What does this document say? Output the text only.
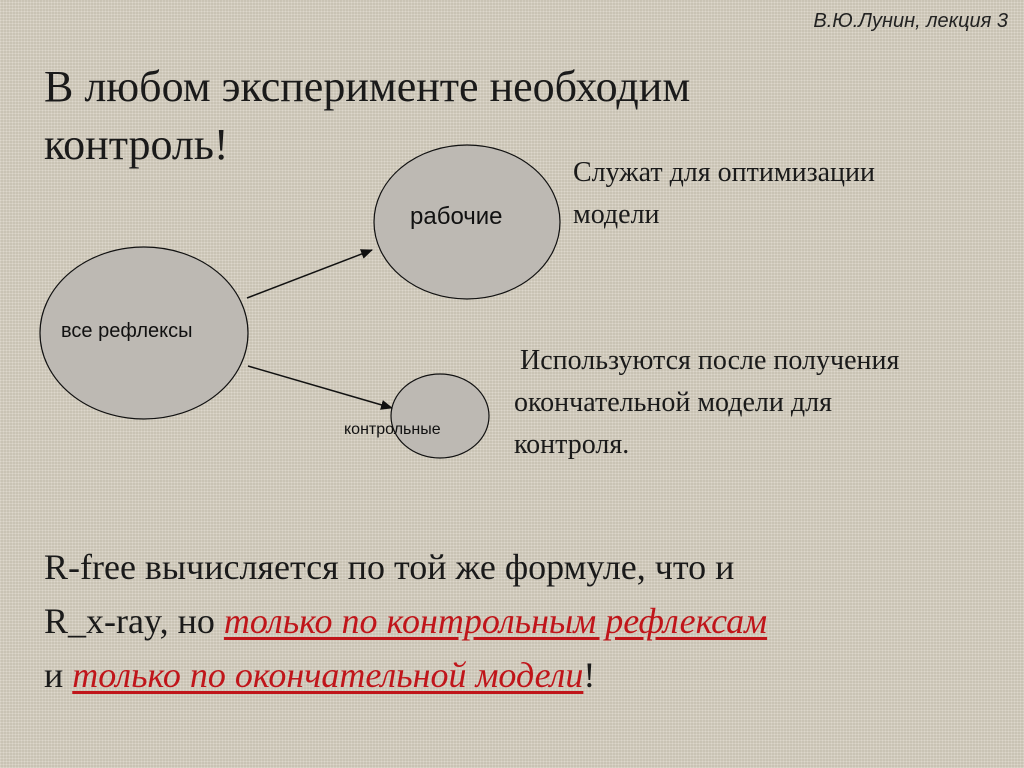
В.Ю.Лунин, лекция 3
В любом эксперименте необходим
контроль!
все рефлексы
рабочие
контрольные
Служат для оптимизации
модели
Используются после получения
окончательной модели для
контроля.
R-free вычисляется по той же формуле, что и
R_x-ray, но только по контрольным рефлексам
и только по окончательной модели!
